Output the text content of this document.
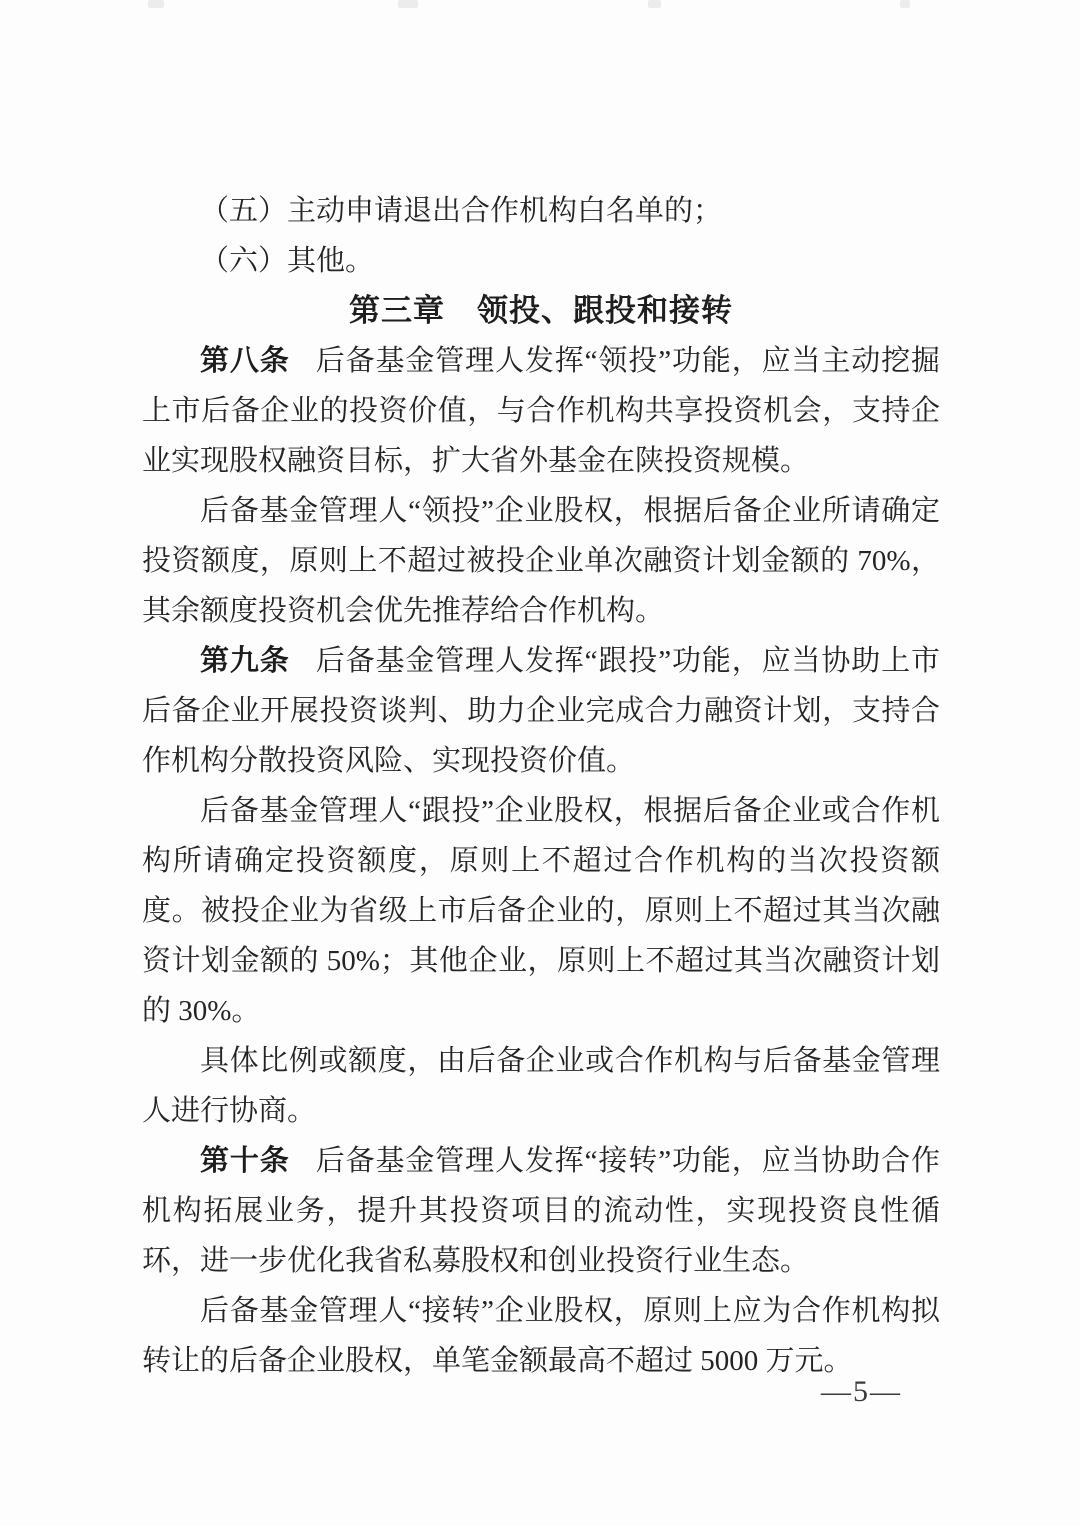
（五）主动申请退出合作机构白名单的；

（六）其他。

第三章　领投、跟投和接转

第八条 后备基金管理人发挥“领投”功能，应当主动挖掘上市后备企业的投资价值，与合作机构共享投资机会，支持企业实现股权融资目标，扩大省外基金在陕投资规模。

后备基金管理人“领投”企业股权，根据后备企业所请确定投资额度，原则上不超过被投企业单次融资计划金额的 70%，其余额度投资机会优先推荐给合作机构。

第九条 后备基金管理人发挥“跟投”功能，应当协助上市后备企业开展投资谈判、助力企业完成合力融资计划，支持合作机构分散投资风险、实现投资价值。

后备基金管理人“跟投”企业股权，根据后备企业或合作机构所请确定投资额度，原则上不超过合作机构的当次投资额度。被投企业为省级上市后备企业的，原则上不超过其当次融资计划金额的 50%；其他企业，原则上不超过其当次融资计划的 30%。

具体比例或额度，由后备企业或合作机构与后备基金管理人进行协商。

第十条 后备基金管理人发挥“接转”功能，应当协助合作机构拓展业务，提升其投资项目的流动性，实现投资良性循环，进一步优化我省私募股权和创业投资行业生态。

后备基金管理人“接转”企业股权，原则上应为合作机构拟转让的后备企业股权，单笔金额最高不超过 5000 万元。

—5—
